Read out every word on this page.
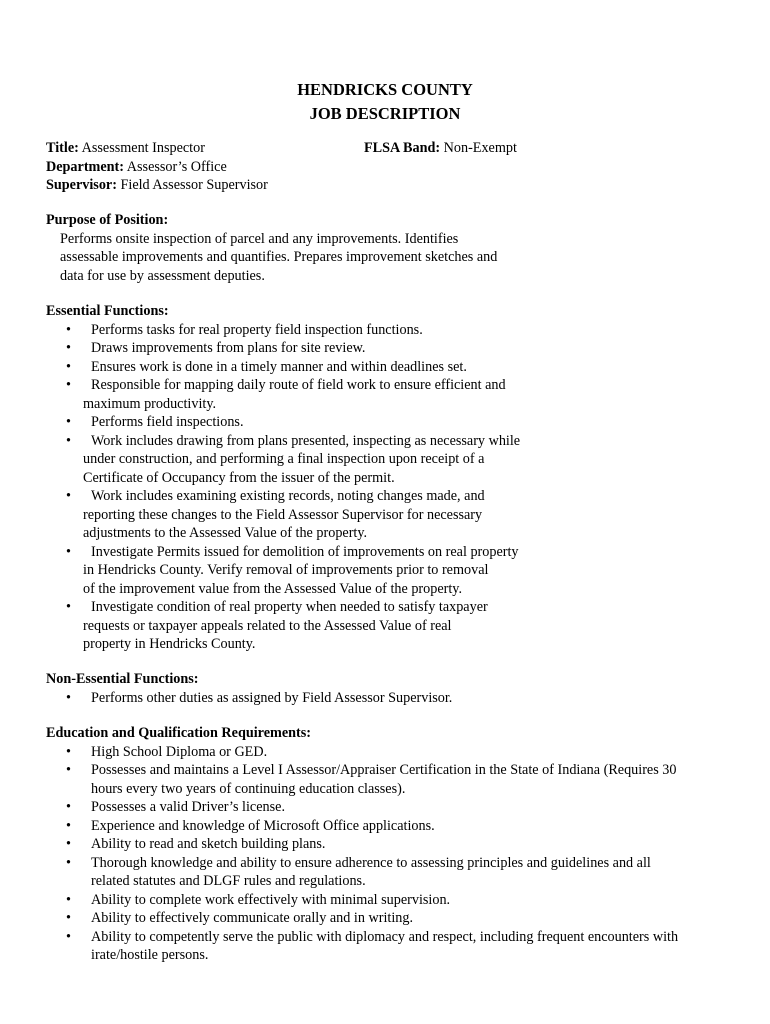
HENDRICKS COUNTY
JOB DESCRIPTION
Title: Assessment Inspector	FLSA Band: Non-Exempt
Department: Assessor’s Office
Supervisor: Field Assessor Supervisor
Purpose of Position:
Performs onsite inspection of parcel and any improvements. Identifies
assessable improvements and quantifies. Prepares improvement sketches and
data for use by assessment deputies.
Essential Functions:
• Performs tasks for real property field inspection functions.
• Draws improvements from plans for site review.
• Ensures work is done in a timely manner and within deadlines set.
• Responsible for mapping daily route of field work to ensure efficient and
maximum productivity.
• Performs field inspections.
• Work includes drawing from plans presented, inspecting as necessary while
under construction, and performing a final inspection upon receipt of a
Certificate of Occupancy from the issuer of the permit.
• Work includes examining existing records, noting changes made, and
reporting these changes to the Field Assessor Supervisor for necessary
adjustments to the Assessed Value of the property.
• Investigate Permits issued for demolition of improvements on real property
in Hendricks County. Verify removal of improvements prior to removal
of the improvement value from the Assessed Value of the property.
• Investigate condition of real property when needed to satisfy taxpayer
requests or taxpayer appeals related to the Assessed Value of real
property in Hendricks County.
Non-Essential Functions:
• Performs other duties as assigned by Field Assessor Supervisor.
Education and Qualification Requirements:
• High School Diploma or GED.
• Possesses and maintains a Level I Assessor/Appraiser Certification in the State of Indiana (Requires 30
hours every two years of continuing education classes).
• Possesses a valid Driver’s license.
• Experience and knowledge of Microsoft Office applications.
• Ability to read and sketch building plans.
• Thorough knowledge and ability to ensure adherence to assessing principles and guidelines and all
related statutes and DLGF rules and regulations.
• Ability to complete work effectively with minimal supervision.
• Ability to effectively communicate orally and in writing.
• Ability to competently serve the public with diplomacy and respect, including frequent encounters with
irate/hostile persons.
